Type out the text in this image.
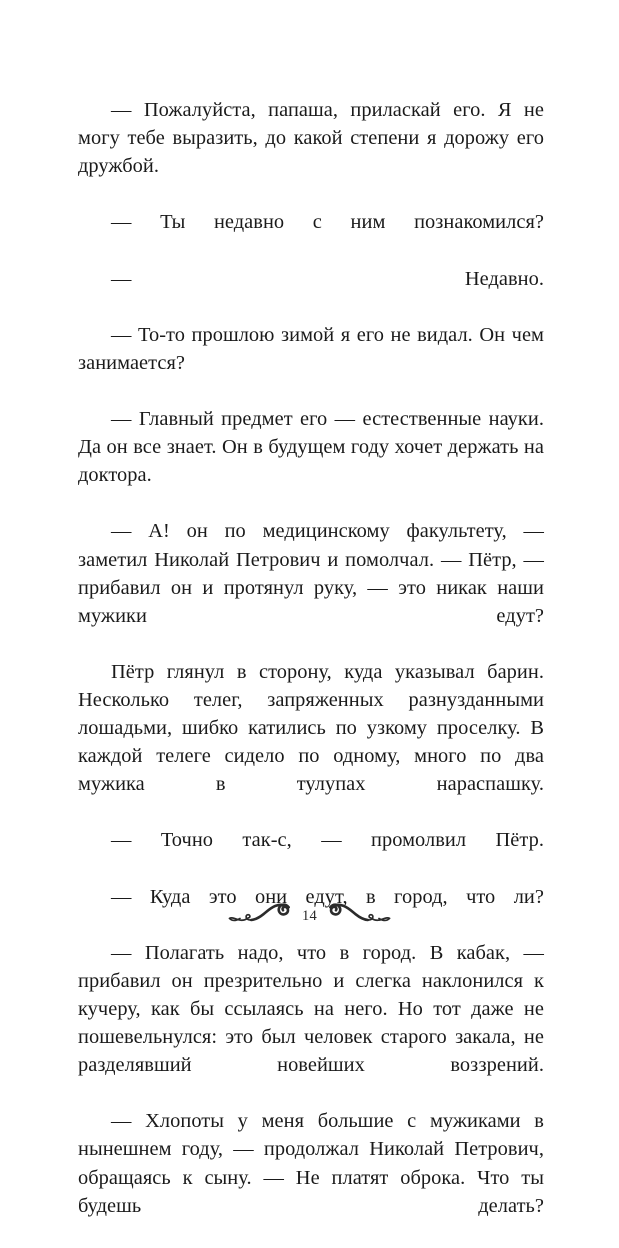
— Пожалуйста, папаша, приласкай его. Я не могу тебе выразить, до какой степени я дорожу его дружбой.

— Ты недавно с ним познакомился?

— Недавно.

— То-то прошлою зимой я его не видал. Он чем занимается?

— Главный предмет его — естественные науки. Да он все знает. Он в будущем году хочет держать на доктора.

— А! он по медицинскому факультету, — заметил Николай Петрович и помолчал. — Пётр, — прибавил он и протянул руку, — это никак наши мужики едут?

Пётр глянул в сторону, куда указывал барин. Несколько телег, запряженных разнузданными лошадьми, шибко катились по узкому проселку. В каждой телеге сидело по одному, много по два мужика в тулупах нараспашку.

— Точно так-с, — промолвил Пётр.

— Куда это они едут, в город, что ли?

— Полагать надо, что в город. В кабак, — прибавил он презрительно и слегка наклонился к кучеру, как бы ссылаясь на него. Но тот даже не пошевельнулся: это был человек старого закала, не разделявший новейших воззрений.

— Хлопоты у меня большие с мужиками в нынешнем году, — продолжал Николай Петрович, обращаясь к сыну. — Не платят оброка. Что ты будешь делать?

14
